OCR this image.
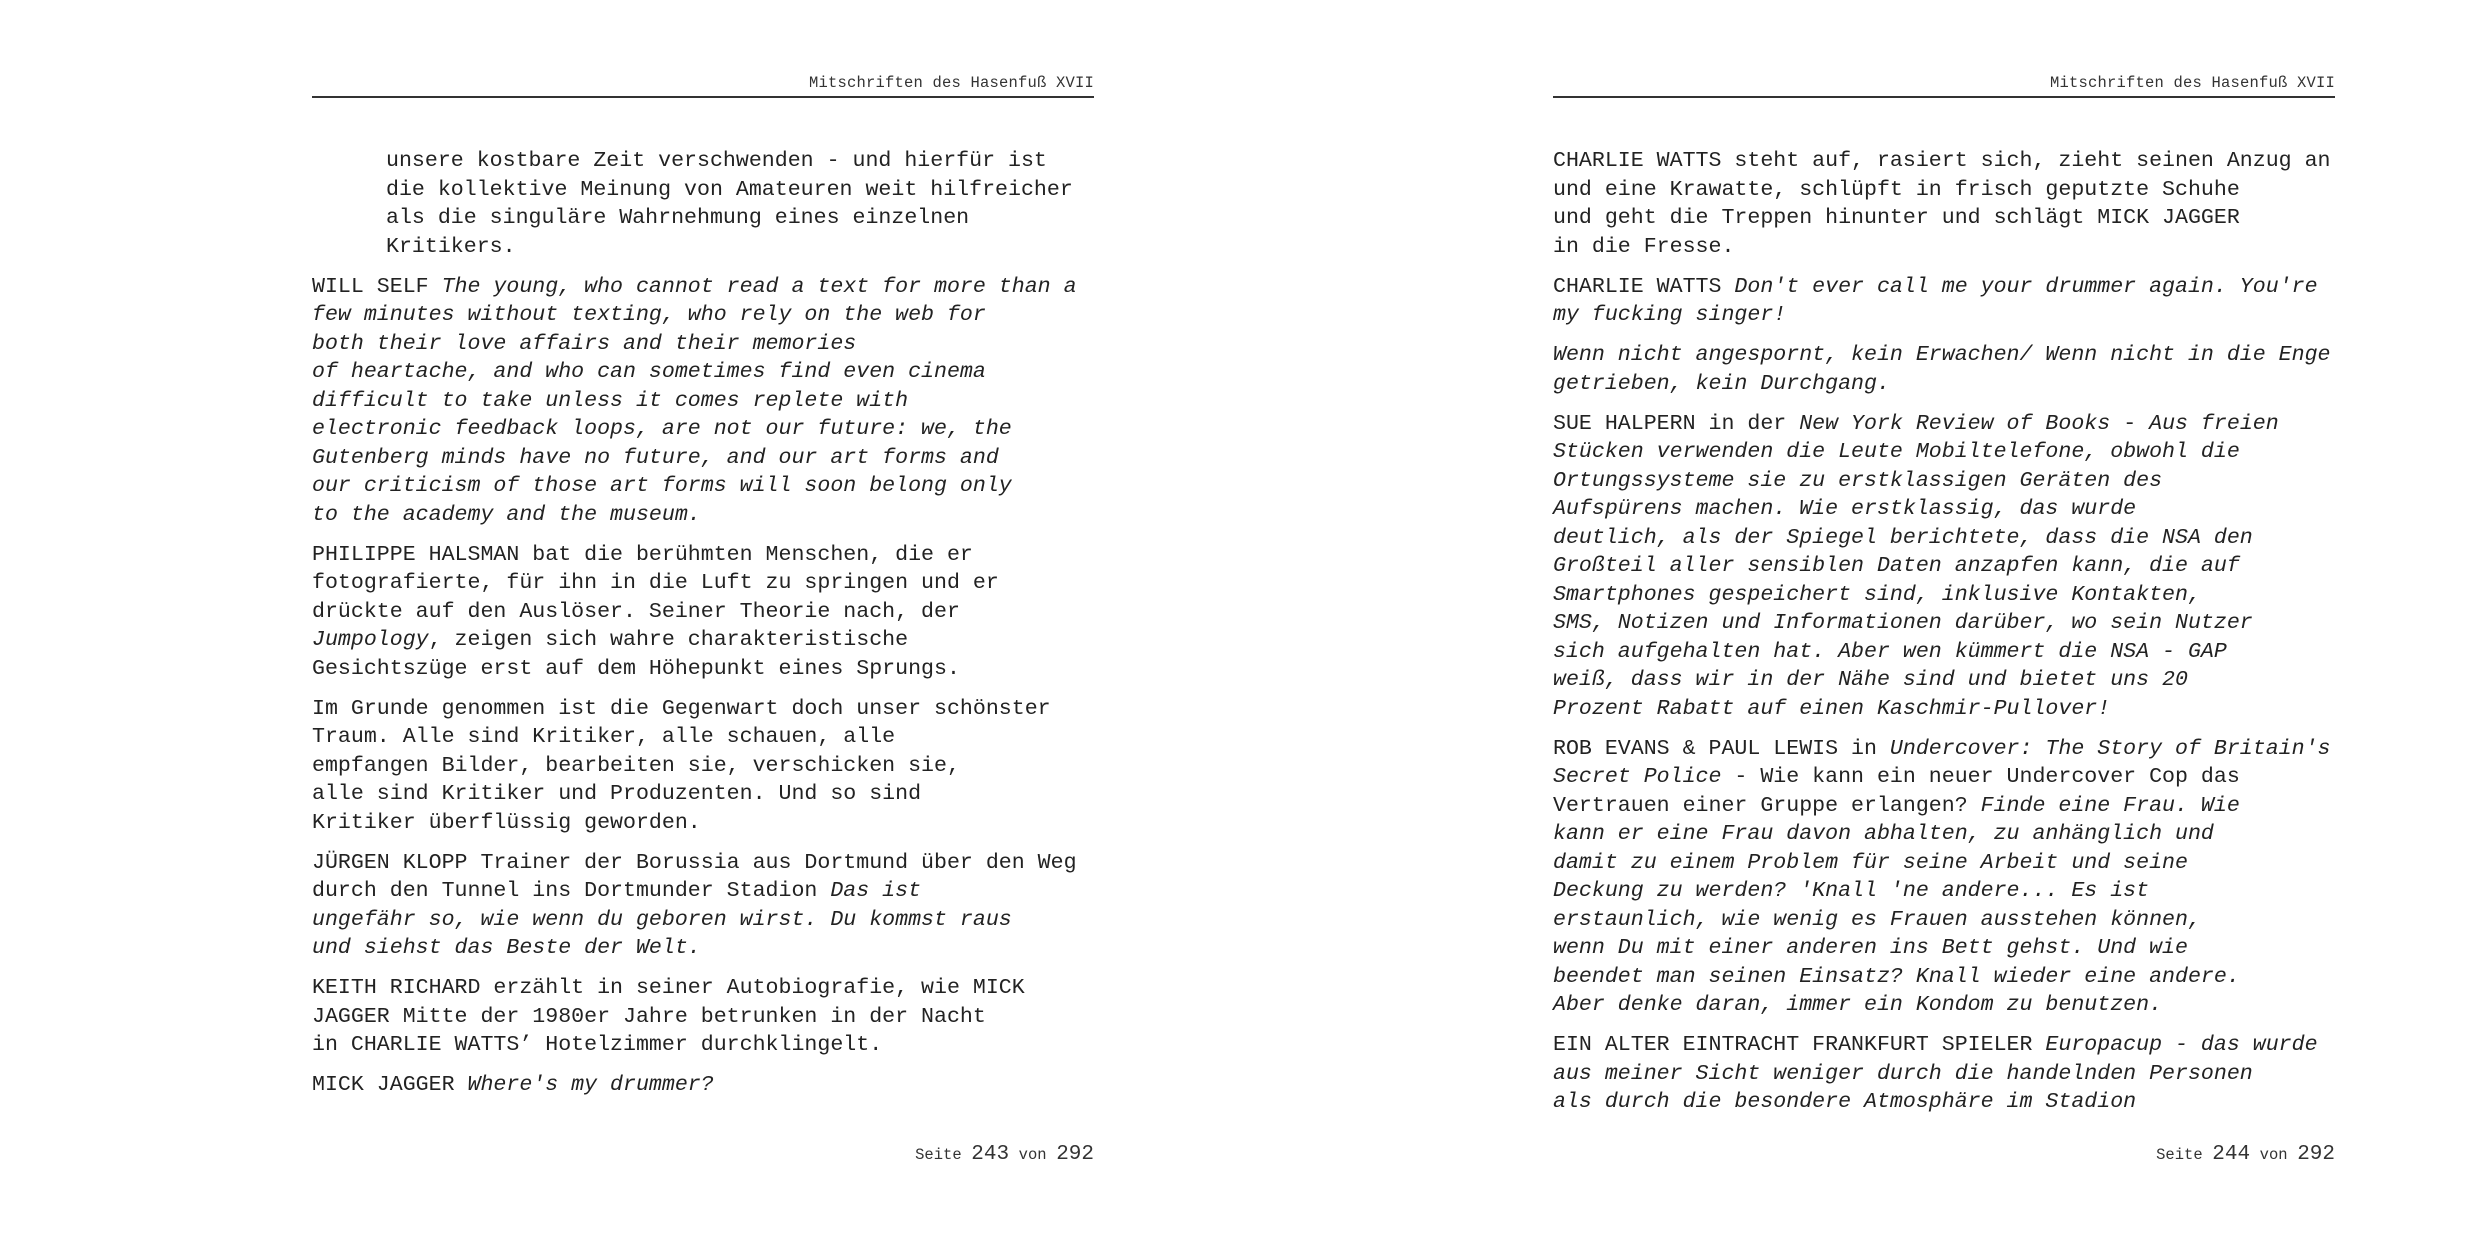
Mitschriften des Hasenfuß XVII
unsere kostbare Zeit verschwenden - und hierfür ist
die kollektive Meinung von Amateuren weit hilfreicher
als die singuläre Wahrnehmung eines einzelnen
Kritikers.
WILL SELF The young, who cannot read a text for more than a
few minutes without texting, who rely on the web for
both their love affairs and their memories
of heartache, and who can sometimes find even cinema
difficult to take unless it comes replete with
electronic feedback loops, are not our future: we, the
Gutenberg minds have no future, and our art forms and
our criticism of those art forms will soon belong only
to the academy and the museum.
PHILIPPE HALSMAN bat die berühmten Menschen, die er
fotografierte, für ihn in die Luft zu springen und er
drückte auf den Auslöser. Seiner Theorie nach, der
Jumpology, zeigen sich wahre charakteristische
Gesichtszüge erst auf dem Höhepunkt eines Sprungs.
Im Grunde genommen ist die Gegenwart doch unser schönster
Traum. Alle sind Kritiker, alle schauen, alle
empfangen Bilder, bearbeiten sie, verschicken sie,
alle sind Kritiker und Produzenten. Und so sind
Kritiker überflüssig geworden.
JÜRGEN KLOPP Trainer der Borussia aus Dortmund über den Weg
durch den Tunnel ins Dortmunder Stadion Das ist
ungefähr so, wie wenn du geboren wirst. Du kommst raus
und siehst das Beste der Welt.
KEITH RICHARD erzählt in seiner Autobiografie, wie MICK
JAGGER Mitte der 1980er Jahre betrunken in der Nacht
in CHARLIE WATTS’ Hotelzimmer durchklingelt.
MICK JAGGER Where's my drummer?
Seite 243 von 292
Mitschriften des Hasenfuß XVII
CHARLIE WATTS steht auf, rasiert sich, zieht seinen Anzug an
und eine Krawatte, schlüpft in frisch geputzte Schuhe
und geht die Treppen hinunter und schlägt MICK JAGGER
in die Fresse.
CHARLIE WATTS Don't ever call me your drummer again. You're
my fucking singer!
Wenn nicht angespornt, kein Erwachen/ Wenn nicht in die Enge
getrieben, kein Durchgang.
SUE HALPERN in der New York Review of Books - Aus freien
Stücken verwenden die Leute Mobiltelefone, obwohl die
Ortungssysteme sie zu erstklassigen Geräten des
Aufspürens machen. Wie erstklassig, das wurde
deutlich, als der Spiegel berichtete, dass die NSA den
Großteil aller sensiblen Daten anzapfen kann, die auf
Smartphones gespeichert sind, inklusive Kontakten,
SMS, Notizen und Informationen darüber, wo sein Nutzer
sich aufgehalten hat. Aber wen kümmert die NSA - GAP
weiß, dass wir in der Nähe sind und bietet uns 20
Prozent Rabatt auf einen Kaschmir-Pullover!
ROB EVANS & PAUL LEWIS in Undercover: The Story of Britain's
Secret Police - Wie kann ein neuer Undercover Cop das
Vertrauen einer Gruppe erlangen? Finde eine Frau. Wie
kann er eine Frau davon abhalten, zu anhänglich und
damit zu einem Problem für seine Arbeit und seine
Deckung zu werden? 'Knall 'ne andere... Es ist
erstaunlich, wie wenig es Frauen ausstehen können,
wenn Du mit einer anderen ins Bett gehst. Und wie
beendet man seinen Einsatz? Knall wieder eine andere.
Aber denke daran, immer ein Kondom zu benutzen.
EIN ALTER EINTRACHT FRANKFURT SPIELER Europacup - das wurde
aus meiner Sicht weniger durch die handelnden Personen
als durch die besondere Atmosphäre im Stadion
Seite 244 von 292
